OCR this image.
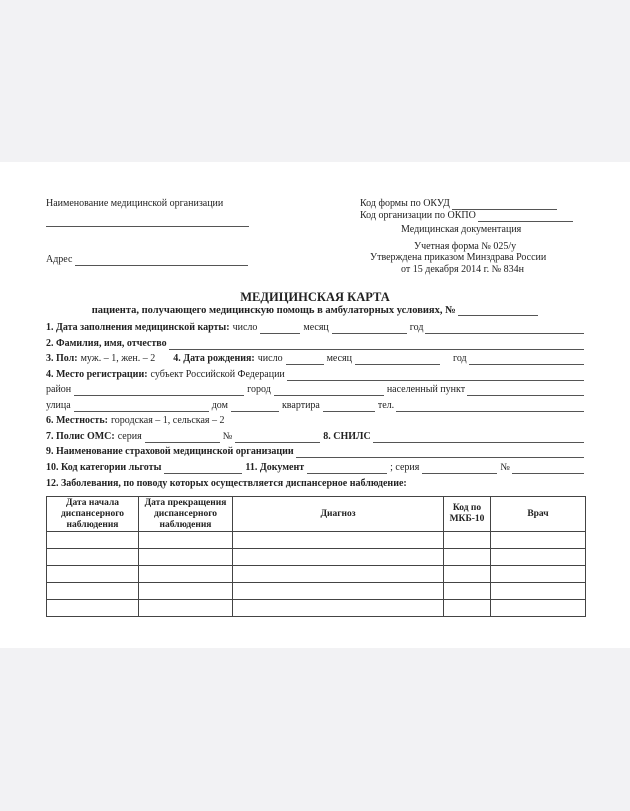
Наименование медицинской организации
Адрес
Код формы по ОКУД
Код организации по ОКПО
Медицинская документация
Учетная форма № 025/у
Утверждена приказом Минздрава России
от 15 декабря 2014 г. № 834н
МЕДИЦИНСКАЯ КАРТА
пациента, получающего медицинскую помощь в амбулаторных условиях, №
1. Дата заполнения медицинской карты: число	месяц	год
2. Фамилия, имя, отчество
3. Пол: муж. – 1, жен. – 2 4. Дата рождения: число	месяц	год
4. Место регистрации: субъект Российской Федерации
район	город	населенный пункт
улица	дом	квартира	тел.
6. Местность: городская – 1, сельская – 2
7. Полис ОМС: серия	№	8. СНИЛС
9. Наименование страховой медицинской организации
10. Код категории льготы	11. Документ	; серия	№
12. Заболевания, по поводу которых осуществляется диспансерное наблюдение:
Дата начала диспансерного наблюдения	Дата прекращения диспансерного наблюдения	Диагноз	Код по МКБ-10	Врач
